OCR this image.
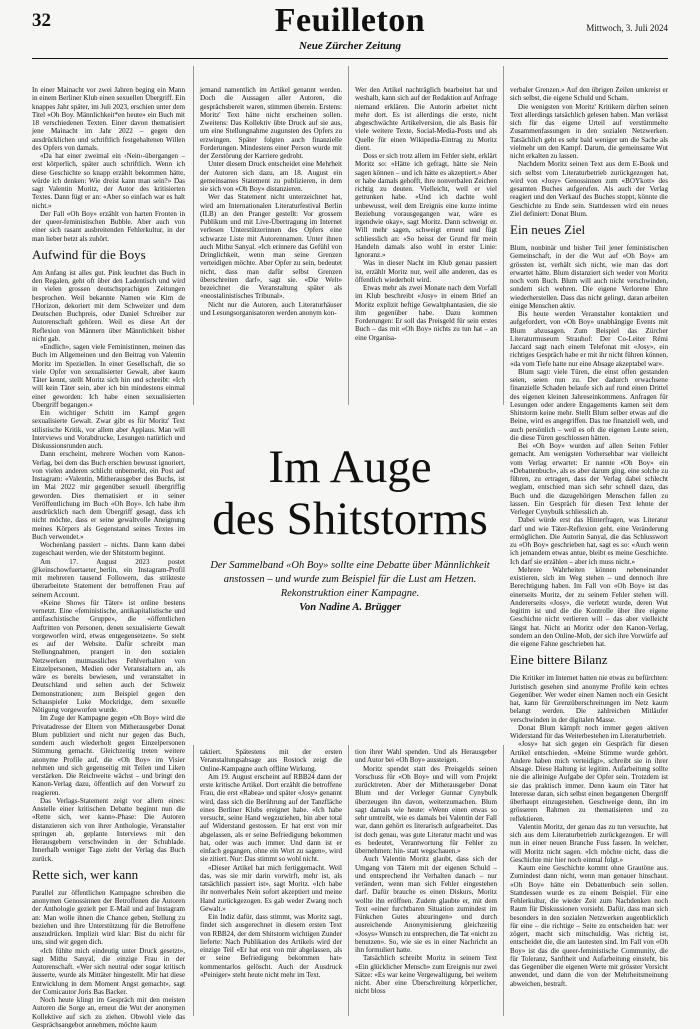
32	Feuilleton
Neue Zürcher Zeitung
Mittwoch, 3. Juli 2024

In einer Mainacht vor zwei Jahren beging ein Mann in einem Berliner Klub einen sexuellen Übergriff. Ein knappes Jahr später, im Juli 2023, erschien unter dem Titel «Oh Boy. Männlichkeit*en heute» ein Buch mit 18 verschiedenen Texten. Einer davon thematisiert jene Mainacht im Jahr 2022 – gegen den ausdrücklichen und schriftlich festgehaltenen Willen des Opfers von damals.

«Da hat einer zweimal ein ‹Nein›-übergangen – erst körperlich, später auch schriftlich. Wenn ich diese Geschichte so knapp erzählt bekommen hätte, würde ich denken: Wie dreist kann man sein?» Das sagt Valentin Moritz, der Autor des kritisierten Textes. Dann fügt er an: «Aber so einfach war es halt nicht.»

Der Fall «Oh Boy» erzählt von harten Fronten in der queer-feministischen Bubble. Aber auch von einer sich rasant ausbreitenden Fehlerkultur, in der man lieber hetzt als zuhört.

Aufwind für die Boys

Am Anfang ist alles gut. Pink leuchtet das Buch in den Regalen, geht oft über den Ladentisch und wird in vielen grossen deutschsprachigen Zeitungen besprochen. Weil bekannte Namen wie Kim de l'Horizon, dekoriert mit dem Schweizer und dem Deutschen Buchpreis, oder Daniel Schreiber zur Autorenschaft gehören. Weil es diese Art der Reflexion von Männern über Männlichkeit bisher nicht gab.

«Endlich», sagen viele Feministinnen, meinen das Buch im Allgemeinen und den Beitrag von Valentin Moritz im Speziellen. In einer Gesellschaft, die so viele Opfer von sexualisierter Gewalt, aber kaum Täter kennt, stellt Moritz sich hin und schreibt: «Ich will kein Täter sein, aber ich bin mindestens einmal einer geworden: Ich habe einen sexualisierten Übergriff begangen.»

Ein wichtiger Schritt im Kampf gegen sexualisierte Gewalt. Zwar gibt es für Moritz' Text stilistische Kritik, vor allem aber Applaus. Man will Interviews und Vorabdrucke, Lesungen natürlich und Diskussionsrunden auch.

Dann erscheint, mehrere Wochen vom Kanon-Verlag, bei dem das Buch erschien bewusst ignoriert, von vielen anderen schlicht unbemerkt, ein Post auf Instagram: «Valentin, Mitherausgeber des Buchs, ist im Mai 2022 mir gegenüber sexuell übergriffig geworden. Dies thematisiert er in seiner Veröffentlichung im Buch «Oh Boy». Ich habe ihm ausdrücklich nach dem Übergriff gesagt, dass ich nicht möchte, dass er seine gewaltvolle Aneignung meines Körpers als Gegenstand seines Textes im Buch verwendet.»

Wochenlang passiert – nichts. Dann kann dabei zugeschaut werden, wie der Shitstorm beginnt.

Am 17. August 2023 postet @keinschowfuertaeter_berlin, ein Instagram-Profil mit mehreren tausend Followern, das strikteste überarbeitete Statement der betroffenen Frau auf seinem Account.

«Keine Shows für Täter» ist online bestens vernetzt. Eine «feministische, antikapitalistische und antifaschistische Gruppe», die «öffentlichen Auftritten von Personen, denen sexualisierte Gewalt vorgeworfen wird, etwas entgegensetzen». So steht es auf der Website. Dafür schreibt man Stellungnahmen, prangert in den sozialen Netzwerken mutmassliches Fehlverhalten von Einzelpersonen, Medien oder Veranstaltern an, als wäre es bereits bewiesen, und veranstaltet in Deutschland und selten auch der Schweiz Demonstrationen; zum Beispiel gegen den Schauspieler Luke Mockridge, dem sexuelle Nötigung vorgeworfen wurde.

Im Zuge der Kampagne gegen «Oh Boy» wird die Privatadresse der Eltern von Mitherausgeber Donat Blum publiziert und nicht nur gegen das Buch, sondern auch wiederholt gegen Einzelpersonen Stimmung gemacht. Gleichzeitig treten weitere anonyme Profile auf, die «Oh Boy» im Visier nehmen und sich gegenseitig mit Teilen und Liken verstärken. Die Reichweite wächst – und bringt den Kanon-Verlag dazu, öffentlich auf den Vorwurf zu reagieren.

Das Verlags-Statement zeigt vor allem eines: Anstelle einer kritischen Debatte beginnt nun die «Rette sich, wer kann»-Phase: Die Autoren distanzieren sich von ihrer Anthologie, Veranstalter springen ab, geplante Interviews mit den Herausgebern verschwinden in der Schublade. Innerhalb weniger Tage zieht der Verlag das Buch zurück.

Rette sich, wer kann

Parallel zur öffentlichen Kampagne schreiben die anonymen Genossinnen der Betroffenen die Autoren der Anthologie gezielt per E-Mail und auf Instagram an: Man wolle ihnen die Chance geben, Stellung zu beziehen und ihre Unterstützung für die Betroffene auszudrücken. Implizit wird klar: Bist du nicht für uns, sind wir gegen dich.

«Ich fühlte mich eindeutig unter Druck gesetzt», sagt Mithu Sanyal, die einzige Frau in der Autorenschaft. «Wer sich neutral oder sogar kritisch äusserte, wurde als Mittäter hingestellt. Mir hat diese Entwicklung in dem Moment Angst gemacht», sagt der Comicautor Joris Bas Backer.

Noch heute klingt im Gespräch mit den meisten Autoren die Sorge an, erneut die Wut der anonymen Kollektive auf sich zu ziehen. Obwohl viele das Gesprächsangebot annehmen, möchte kaum

jemand namentlich im Artikel genannt werden. Doch die Aussagen aller Autoren, die gesprächsbereit waren, stimmen überein. Erstens: Moritz' Text hätte nicht erscheinen sollen. Zweitens: Das Kollektiv übte Druck auf sie aus, um eine Stellungnahme zugunsten des Opfers zu erzwingen. Später folgten auch finanzielle Forderungen. Mindestens einer Person wurde mit der Zerstörung der Karriere gedroht.

Unter diesem Druck entscheidet eine Mehrheit der Autoren sich dazu, am 18. August ein gemeinsames Statement zu publizieren, in dem sie sich von «Oh Boy» distanzieren.

Wer das Statement nicht unterzeichnet hat, wird am Internationalen Literaturfestival Berlin (ILB) an den Pranger gestellt: Vor grossem Publikum und mit Live-Übertragung im Internet verlesen Unterstützerinnen des Opfers eine schwarze Liste mit Autorennamen. Unter ihnen auch Mithu Sanyal. «Ich erinnere das Gefühl von Dringlichkeit, wenn man seine Grenzen verteidigen möchte. Aber Opfer zu sein, bedeutet nicht, dass man dafür selbst Grenzen überschreiten darf», sagt sie. «Die Welt» bezeichnet die Veranstaltung später als «neostalinistisches Tribunal».

Nicht nur die Autoren, auch Literaturhäuser und Lesungsorganisatoren werden anonym kon-

Wer den Artikel nachträglich bearbeitet hat und weshalb, kann sich auf der Redaktion auf Anfrage niemand erklären. Die Autorin arbeitet nicht mehr dort. Es ist allerdings die erste, nicht abgeschwächte Artikelversion, die als Basis für viele weitere Texte, Social-Media-Posts und als Quelle für einen Wikipedia-Eintrag zu Moritz dient.

Doss er sich trotz allem im Fehler sieht, erklärt Moritz so: «Hätte ich gefragt, hätte sie Nein sagen können – und ich hätte es akzeptiert.» Aber er habe damals gehofft, ihre nonverbalen Zeichen richtig zu deuten. Vielleicht, weil er viel getrunken habe. «Und ich dachte wohl unbewusst, weil dem Ereignis eine kurze intime Beziehung vorausgegangen war, wäre es irgendwie okay», sagt Moritz. Dann schweigt er. Will mehr sagen, schweigt erneut und fügt schliesslich an: «So heisst der Grund für mein Handeln damals also wohl in erster Linie: Ignoranz.»

Was in dieser Nacht im Klub genau passiert ist, erzählt Moritz nur, weil alle anderen, das es öffentlich wiederholt wird.

Etwas mehr als zwei Monate nach dem Vorfall im Klub beschreibt «Josy» in einem Brief an Moritz explizit heftige Gewaltphantasien, die sie ihm gegenüber habe. Dazu kommen Forderungen: Er soll das Preisgeld für sein erstes Buch – das mit «Oh Boy» nichts zu tun hat – an eine Organisa-

Im Auge
des Shitstorms
Der Sammelband «Oh Boy» sollte eine Debatte über Männlichkeit anstossen – und wurde zum Beispiel für die Lust am Hetzen. Rekonstruktion einer Kampagne.
Von Nadine A. Brügger

taktiert. Spätestens mit der ersten Veranstaltungsabsage aus Rostock zeigt die Online-Kampagne auch offline Wirkung.

Am 19. August erscheint auf RBB24 dann der erste kritische Artikel. Dort erzählt die betroffene Frau, die erst «Rabea» und später «Josy» genannt wird, dass sich die Berührung auf der Tanzfläche eines Berliner Klubs ereignet habe. «Ich habe versucht, seine Hand wegzuziehen, bin aber total auf Widerstand gestossen. Er hat erst von mir abgelassen, als er seine Befriedigung bekommen hat, oder was auch immer. Und dann ist er einfach gegangen, ohne ein Wort zu sagen», wird sie zitiert. Nur: Das stimmt so wohl nicht.

«Dieser Artikel hat mich fertiggemacht. Weil das, was sie mir darin vorwirft, mehr ist, als tatsächlich passiert ist», sagt Moritz. «Ich habe ihr nonverbales Nein sofort akzeptiert und meine Hand zurückgezogen. Es gab weder Zwang noch Gewalt.»

Ein Indiz dafür, dass stimmt, was Moritz sagt, findet sich ausgerechnet in diesem ersten Text von RBB24, der dem Shitstorm wichtigen Zunder lieferte: Nach Publikation des Artikels wird der einzige Teil «Er hat erst von mir abgelassen, als er seine Befriedigung bekommen hat» kommentarlos gelöscht. Auch der Ausdruck «Peiniger» steht heute nicht mehr im Text.

tion ihrer Wahl spenden. Und als Herausgeber und Autor bei «Oh Boy» aussteigen.

Moritz spendet statt des Preisgelds seinen Vorschuss für «Oh Boy» und will vom Projekt zurücktreten. Aber der Mitherausgeber Donat Blum und der Verleger Gunnar Cynybulk überzeugen ihn davon, weiterzumachen. Blum sagt damals wie heute: «Wenn einen etwas so sehr umtreibt, wie es damals bei Valentin der Fall war, dann gehört es literarisch aufgearbeitet. Das ist doch genau, was gute Literatur macht und was es bedeutet, Verantwortung für Fehler zu übernehmen: hin- statt wegschauen.»

Auch Valentin Moritz glaubt, dass sich der Umgang von Tätern mit der eigenen Schuld – und entsprechend ihr Verhalten danach – nur verändert, wenn man sich Fehler eingestehen darf. Dafür brauche es einen Diskurs, Moritz wollte ihn eröffnen. Zudem glaubte er, mit dem Text «einer furchtbaren Situation zumindest im Fünkchen Gutes abzuringen» und durch ausreichende Anonymisierung gleichzeitig «Josys» Wunsch zu entsprechen, die Tat «nicht zu benutzen». So, wie sie es in einer Nachricht an ihn formuliert hatte.

Tatsächlich schreibt Moritz in seinem Text «Ein glücklicher Mensch» zum Ereignis nur zwei Sätze: «Es war keine Vergewaltigung, bei weitem nicht. Aber eine Überschreitung körperlicher, nicht bloss

verbaler Grenzen.» Auf den übrigen Zeilen umkreist er sich selbst, die eigene Schuld und Scham.

Die wenigsten von Moritz' Kritikern dürften seinen Text allerdings tatsächlich gelesen haben. Man verlässt sich für das eigene Urteil auf verstümmelte Zusammenfassungen in den sozialen Netzwerken. Tatsächlich geht es sehr bald weniger um die Sache als vielmehr um den Kampf. Darum, die gemeinsame Wut nicht erkalten zu lassen.

Nachdem Moritz seinen Text aus dem E-Book und sich selbst vom Literaturbetrieb zurückgezogen hat, wird von «Josy» Genossinnen zum «BOYkott» des gesamten Buches aufgerufen. Als auch der Verlag reagiert und den Verkauf des Buches stoppt, könnte die Geschichte zu Ende sein. Stattdessen wird ein neues Ziel definiert: Donat Blum.

Ein neues Ziel

Blum, nonbinär und bisher Teil jener feministischen Gemeinschaft, in der die Wut auf «Oh Boy» am grössten ist, verhält sich nicht, wie man das dort erwartet hätte. Blum distanziert sich weder von Moritz noch vom Buch. Blum will auch nicht verschwinden, sondern sich wehren. Die eigene Verlorene Ehre wiederherstellen. Dass das nicht gelingt, daran arbeiten einige Menschen aktiv.

Bis heute werden Veranstalter kontaktiert und aufgefordert, von «Oh Boy» unabhängige Events mit Blum abzusagen. Zum Beispiel das Zürcher Literaturmuseum Strauhof: Der Co-Leiter Rémi Jaccard sagt nach einem Telefonat mit «Josy», ein richtiges Gespräch habe er mit ihr nicht führen können, «da vom Tiefe hatte nur eine Absage akzeptabel war».

Blum sagt: viele Türen, die einst offen gestanden seien, seien nun zu. Der dadurch erwachsene finanzielle Schaden belaufe sich auf rund einen Drittel des eigenen kleinen Jahreseinkommens. Anfragen für Lesungen oder andere Engagements kamen seit dem Shitstorm keine mehr. Stellt Blum selber etwas auf die Beine, wird es angegriffen. Das tue finanziell weh, und auch persönlich – weil es oft die eigenen Leute seien, die diese Türen geschlossen hätten.

Bei «Oh Boy» wurden auf allen Seiten Fehler gemacht. Am wenigsten Vorhersehbar war vielleicht vom Verlag erwartet: Er nannte «Oh Boy» ein «Debattenbuch», als es aber darum ging, eine solche zu führen, zu ertragen, dass der Verlag dabei schlecht weglam, entschied man sich sehr schnell dazu, das Buch und die dazugehörigen Menschen fallen zu lassen. Ein Gespräch für diesen Text lehnte der Verleger Cynybulk schliesslich ab.

Dabei würde erst das Hinterfragen, was Literatur darf und wie Täter-Reflexion geht, eine Veränderung ermöglichen. Die Autorin Sanyal, die das Schlusswort zu «Oh Boy» geschrieben hat, sagt es so: «Auch wenn ich jemandem etwas antue, bleibt es meine Geschichte. Ich darf sie erzählen – aber ich muss nicht.»

Mehrere Wahrheiten können nebeneinander existieren, sich im Weg stehen – und dennoch ihre Berechtigung haben. Im Fall von «Oh Boy» ist das einerseits Moritz, der zu seinem Fehler stehen will. Andererseits «Josy», die verletzt wurde, deren Wut legitim ist und die die Kontrolle über ihre eigene Geschichte nicht verlieren will – das aber vielleicht längst hat. Nicht an Moritz oder den Kanon-Verlag, sondern an den Online-Mob, der sich ihre Vorwürfe auf die eigene Fahne geschrieben hat.

Eine bittere Bilanz

Die Kritiker im Internet hatten nie etwas zu befürchten: Juristisch gesehen sind anonyme Profile kein echtes Gegenüber. Wer weder einen Namen noch ein Gesicht hat, kann für Grenzüberschreitungen im Netz kaum belangt werden. Die zahlreichen Mitläufer verschwinden in der digitalen Masse.

Donat Blum kämpft noch immer gegen aktiven Widerstand für das Weiterbestehen im Literaturbetrieb.

«Josy» hat sich gegen ein Gespräch für diesen Artikel entschieden. «Meine Stimme wurde gehört. Andere haben mich verteidigt», schreibt sie in ihrer Absage. Diese Haltung ist legitim. Aufarbeitung sollte nie die alleinige Aufgabe der Opfer sein. Trotzdem ist sie das praktisch immer. Denn kaum ein Täter hat Interesse daran, sich selbst einen begangenen Übergriff überhaupt einzugestehen. Geschweige denn, ihn im grösseren Rahmen zu thematisieren und zu reflektieren.

Valentin Moritz, der genau das zu tun versuchte, hat sich aus dem Literaturbetrieb zurückgezogen. Er will nun in einer neuen Branche Fuss fassen. In welcher, will Moritz nicht sagen. «Ich möchte nicht, dass die Geschichte mir hier noch einmal folgt.»

Kaum eine Geschichte kommt ohne Grautöne aus. Zumindest dann nicht, wenn man genauer hinschaut. «Oh Boy» hätte ein Debattenbuch sein sollen. Stattdessen wurde es zu einem Beispiel. Für eine Fehlerkultur, die wieder Zeit zum Nachdenken noch Raum für Diskussionen vorsieht. Dafür, dass man sich besonders in den sozialen Netzwerken augenblicklich für eine – die richtige – Seite zu entscheiden hat: wer zögert, macht sich mitschuldig. Was richtig ist, entscheidet die, die am lautesten sind. Im Fall von «Oh Boy» ist das die queer-feministische Community, die für Toleranz, Sanftheit und Aufarbeitung einsteht, bis das Gegenüber die eigenen Werte mit grösster Vorsicht anwendet, und dann die von der Mehrheitsmeinung abweichen, bestraft.
